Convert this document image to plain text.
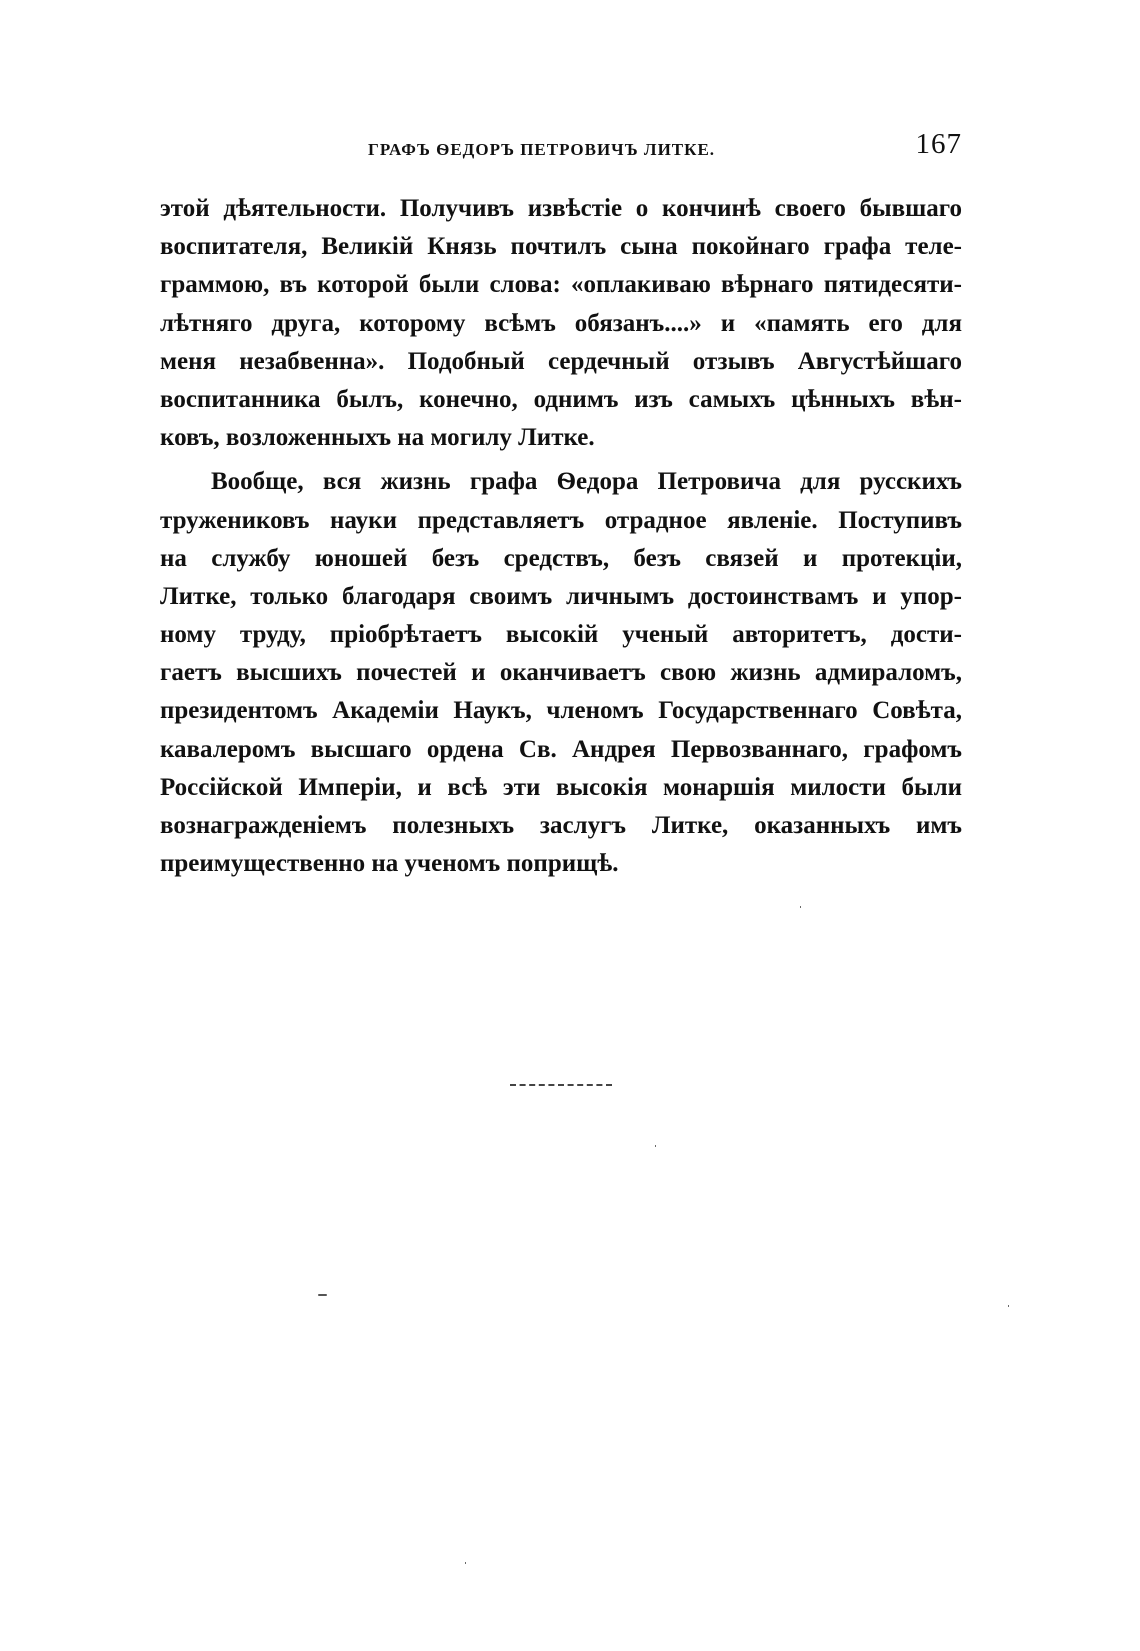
ГРАФЪ ѲЕДОРЪ ПЕТРОВИЧЪ ЛИТКЕ.	167
этой дѣятельности. Получивъ извѣстіе о кончинѣ своего бывшаго
воспитателя, Великій Князь почтилъ сына покойнаго графа теле-
граммою, въ которой были слова: «оплакиваю вѣрнаго пятидесяти-
лѣтняго друга, которому всѣмъ обязанъ....» и «память его для
меня незабвенна». Подобный сердечный отзывъ Августѣйшаго
воспитанника былъ, конечно, однимъ изъ самыхъ цѣнныхъ вѣн-
ковъ, возложенныхъ на могилу Литке.
Вообще, вся жизнь графа Ѳедора Петровича для русскихъ
тружениковъ науки представляетъ отрадное явленіе. Поступивъ
на службу юношей безъ средствъ, безъ связей и протекціи,
Литке, только благодаря своимъ личнымъ достоинствамъ и упор-
ному труду, пріобрѣтаетъ высокій ученый авторитетъ, дости-
гаетъ высшихъ почестей и оканчиваетъ свою жизнь адмираломъ,
президентомъ Академіи Наукъ, членомъ Государственнаго Совѣта,
кавалеромъ высшаго ордена Св. Андрея Первозваннаго, графомъ
Россійской Имперіи, и всѣ эти высокія монаршія милости были
вознагражденіемъ полезныхъ заслугъ Литке, оказанныхъ имъ
преимущественно на ученомъ поприщѣ.
